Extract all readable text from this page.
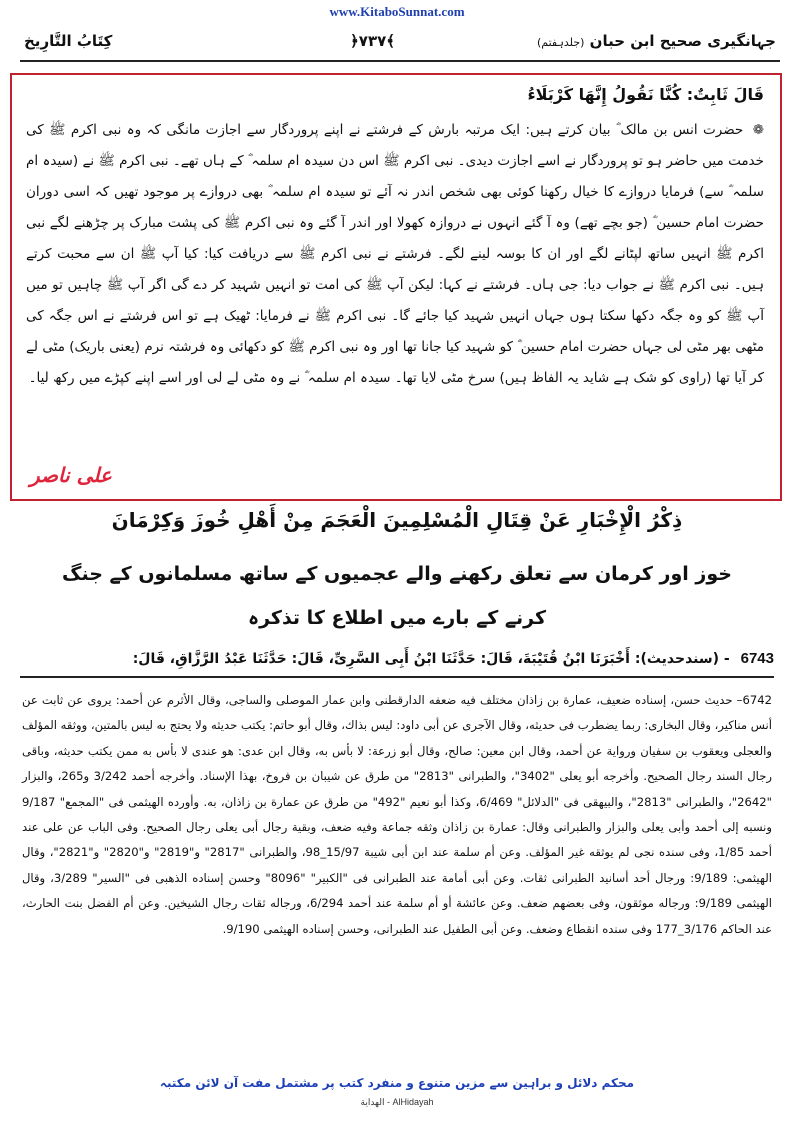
www.KitaboSunnat.com
جہانگیری صحیح ابن حبان (جلدہفتم)
﴿۷۳۷﴾
کِتَابُ التَّارِیخ
قَالَ ثَابِتٌ: کُنَّا نَقُولُ إِنَّهَا کَرْبَلَاءُ
❁ حضرت انس بن مالک ؓ بیان کرتے ہیں: ایک مرتبہ بارش کے فرشتے نے اپنے پروردگار سے اجازت مانگی کہ وہ نبی اکرم ﷺ کی خدمت میں حاضر ہو تو پروردگار نے اسے اجازت دیدی۔ نبی اکرم ﷺ اس دن سیدہ ام سلمہ ؓ کے ہاں تھے۔ نبی اکرم ﷺ نے (سیدہ ام سلمہ ؓ سے) فرمایا دروازے کا خیال رکھنا کوئی بھی شخص اندر نہ آئے تو سیدہ ام سلمہ ؓ بھی دروازے پر موجود تھیں کہ اسی دوران حضرت امام حسین ؓ (جو بچے تھے) وہ آ گئے انہوں نے دروازہ کھولا اور اندر آ گئے وہ نبی اکرم ﷺ کی پشت مبارک پر چڑھنے لگے نبی اکرم ﷺ انہیں ساتھ لپٹانے لگے اور ان کا بوسہ لینے لگے۔ فرشتے نے نبی اکرم ﷺ سے دریافت کیا: کیا آپ ﷺ ان سے محبت کرتے ہیں۔ نبی اکرم ﷺ نے جواب دیا: جی ہاں۔ فرشتے نے کہا: لیکن آپ ﷺ کی امت تو انہیں شہید کر دے گی اگر آپ ﷺ چاہیں تو میں آپ ﷺ کو وہ جگہ دکھا سکتا ہوں جہاں انہیں شہید کیا جائے گا۔ نبی اکرم ﷺ نے فرمایا: ٹھیک ہے تو اس فرشتے نے اس جگہ کی مٹھی بھر مٹی لی جہاں حضرت امام حسین ؓ کو شہید کیا جانا تھا اور وہ نبی اکرم ﷺ کو دکھائی وہ فرشتہ نرم (یعنی باریک) مٹی لے کر آیا تھا (راوی کو شک ہے شاید یہ الفاظ ہیں) سرخ مٹی لایا تھا۔ سیدہ ام سلمہ ؓ نے وہ مٹی لے لی اور اسے اپنے کپڑے میں رکھ لیا۔
علی ناصر
ذِکْرُ الْإِخْبَارِ عَنْ قِتَالِ الْمُسْلِمِینَ الْعَجَمَ مِنْ أَهْلِ خُوزَ وَکِرْمَانَ
خوز اور کرمان سے تعلق رکھنے والے عجمیوں کے ساتھ مسلمانوں کے جنگ کرنے کے بارے میں اطلاع کا تذکرہ
6743 - (سندحدیث): أَخْبَرَنَا ابْنُ قُتَیْبَةَ، قَالَ: حَدَّثَنَا ابْنُ أَبِی السَّرِیِّ، قَالَ: حَدَّثَنَا عَبْدُ الرَّزَّاقِ، قَالَ:
6742– حدیث حسن، إسناده ضعیف، عمارة بن زاذان مختلف فیه ضعفه الدارقطنی وابن عمار الموصلی والساجی، وقال الأثرم عن أحمد: یروی عن ثابت عن أنس مناکیر، وقال البخاری: ربما یضطرب فی حدیثه، وقال الآجری عن أبی داود: لیس بذاك، وقال أبو حاتم: یکتب حدیثه ولا یحتج به لیس بالمتین، ووثقه المؤلف والعجلی ویعقوب بن سفیان وروایة عن أحمد، وقال ابن معین: صالح، وقال أبو زرعة: لا بأس به، وقال ابن عدی: هو عندی لا بأس به ممن یکتب حدیثه، وباقی رجال السند رجال الصحیح. وأخرجه أبو یعلی "3402"، والطبرانی "2813" من طرق عن شیبان بن فروخ، بهذا الإسناد. وأخرجه أحمد 3/242 و265، والبزار "2642"، والطبرانی "2813"، والبیهقی فی "الدلائل" 6/469، وکذا أبو نعیم "492" من طرق عن عمارة بن زاذان، به. وأورده الهیثمی فی "المجمع" 9/187 ونسبه إلی أحمد وأبی یعلی والبزار والطبرانی وقال: عمارة بن زاذان وثقه جماعة وفیه ضعف، وبقیة رجال أبی یعلی رجال الصحیح. وفی الباب عن علی عند أحمد 1/85، وفی سنده نجی لم یوثقه غیر المؤلف. وعن أم سلمة عند ابن أبی شیبة 15/97_98، والطبرانی "2817" و"2819" و"2820" و"2821"، وقال الهیثمی: 9/189: ورجال أحد أسانید الطبرانی ثقات. وعن أبی أمامة عند الطبرانی فی "الکبیر" "8096" وحسن إسناده الذهبی فی "السیر" 3/289، وقال الهیثمی 9/189: ورجاله موثقون، وفی بعضهم ضعف. وعن عائشة أو أم سلمة عند أحمد 6/294، ورجاله ثقات رجال الشیخین. وعن أم الفضل بنت الحارث، عند الحاکم 3/176_177 وفی سنده انقطاع وضعف. وعن أبی الطفیل عند الطبرانی، وحسن إسناده الهیثمی 9/190.
محکم دلائل و براہین سے مزین متنوع و منفرد کتب پر مشتمل مفت آن لائن مکتبہ
الهدایة - AlHidayah
